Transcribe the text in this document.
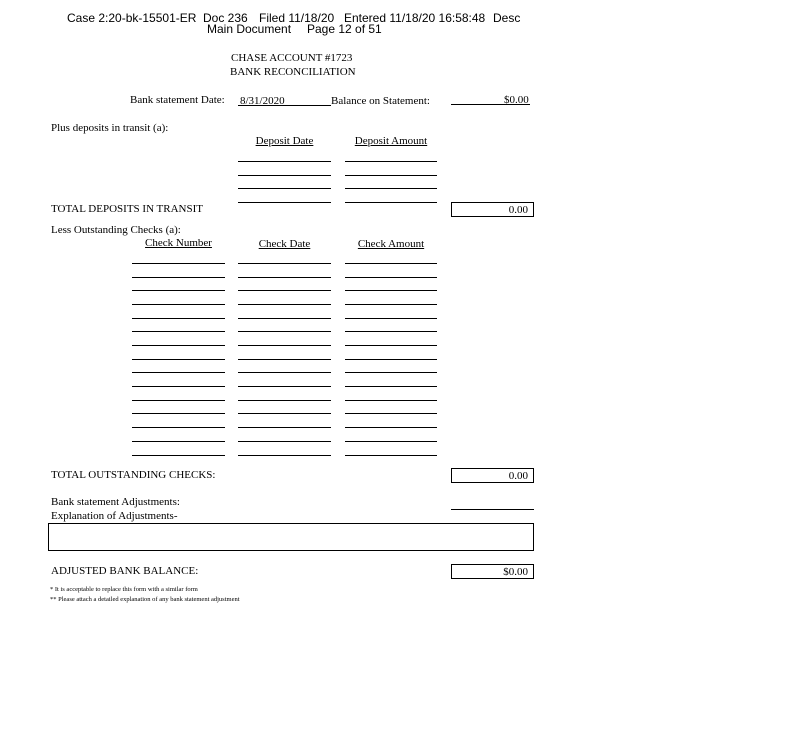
Case 2:20-bk-15501-ER Doc 236 Filed 11/18/20 Entered 11/18/20 16:58:48 Desc
Main Document Page 12 of 51
CHASE ACCOUNT #1723
BANK RECONCILIATION
Bank statement Date: 8/31/2020	Balance on Statement:	$0.00
Plus deposits in transit (a):
Deposit Date	Deposit Amount
TOTAL DEPOSITS IN TRANSIT	0.00
Less Outstanding Checks (a):
Check Number	Check Date	Check Amount
TOTAL OUTSTANDING CHECKS:	0.00
Bank statement Adjustments:
Explanation of Adjustments-
ADJUSTED BANK BALANCE:	$0.00
* It is acceptable to replace this form with a similar form
** Please attach a detailed explanation of any bank statement adjustment
